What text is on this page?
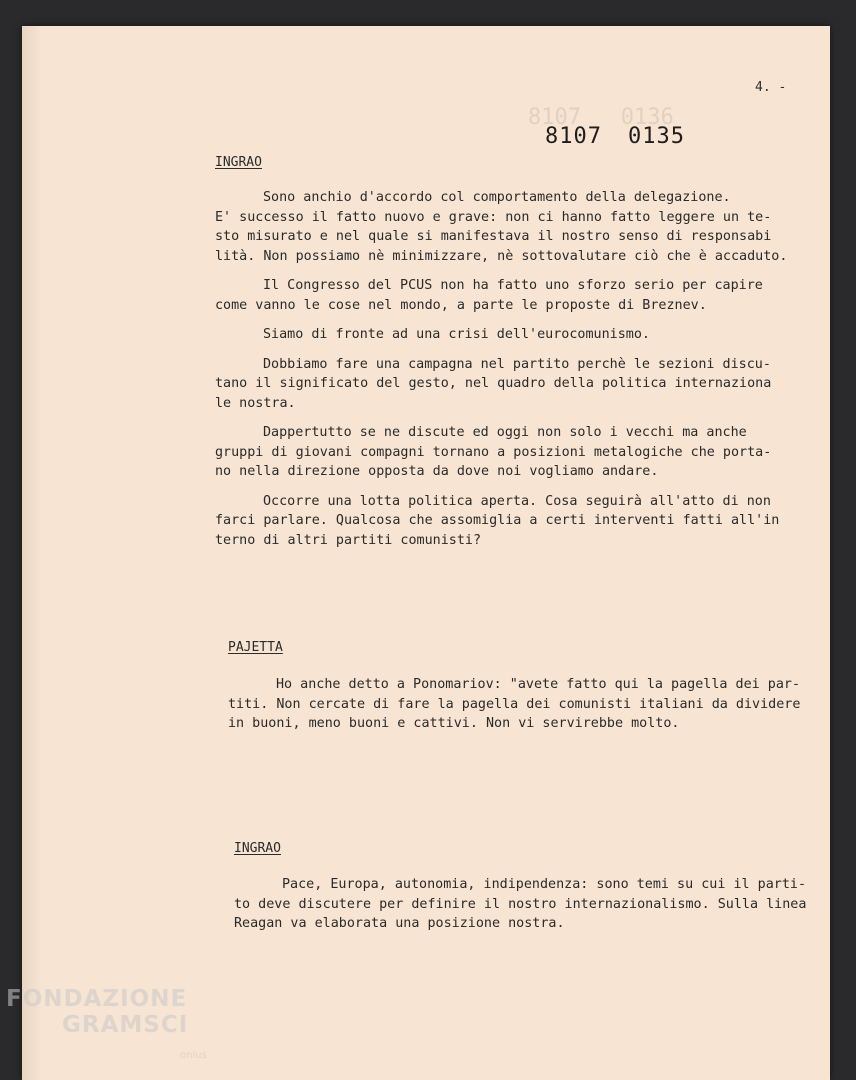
8107   0136
4. -
8107 0135
INGRAO
Sono anchio d'accordo col comportamento della delegazione.
E' successo il fatto nuovo e grave: non ci hanno fatto leggere un te-
sto misurato e nel quale si manifestava il nostro senso di responsabi
lità. Non possiamo nè minimizzare, nè sottovalutare ciò che è accaduto.
Il Congresso del PCUS non ha fatto uno sforzo serio per capire
come vanno le cose nel mondo, a parte le proposte di Breznev.
Siamo di fronte ad una crisi dell'eurocomunismo.
Dobbiamo fare una campagna nel partito perchè le sezioni discu-
tano il significato del gesto, nel quadro della politica internaziona
le nostra.
Dappertutto se ne discute ed oggi non solo i vecchi ma anche
gruppi di giovani compagni tornano a posizioni metalogiche che porta-
no nella direzione opposta da dove noi vogliamo andare.
Occorre una lotta politica aperta. Cosa seguirà all'atto di non
farci parlare. Qualcosa che assomiglia a certi interventi fatti all'in
terno di altri partiti comunisti?
PAJETTA
Ho anche detto a Ponomariov: "avete fatto qui la pagella dei par-
titi. Non cercate di fare la pagella dei comunisti italiani da dividere
in buoni, meno buoni e cattivi. Non vi servirebbe molto.
INGRAO
Pace, Europa, autonomia, indipendenza: sono temi su cui il parti-
to deve discutere per definire il nostro internazionalismo. Sulla linea
Reagan va elaborata una posizione nostra.
FONDAZIONE
GRAMSCI
onlus
